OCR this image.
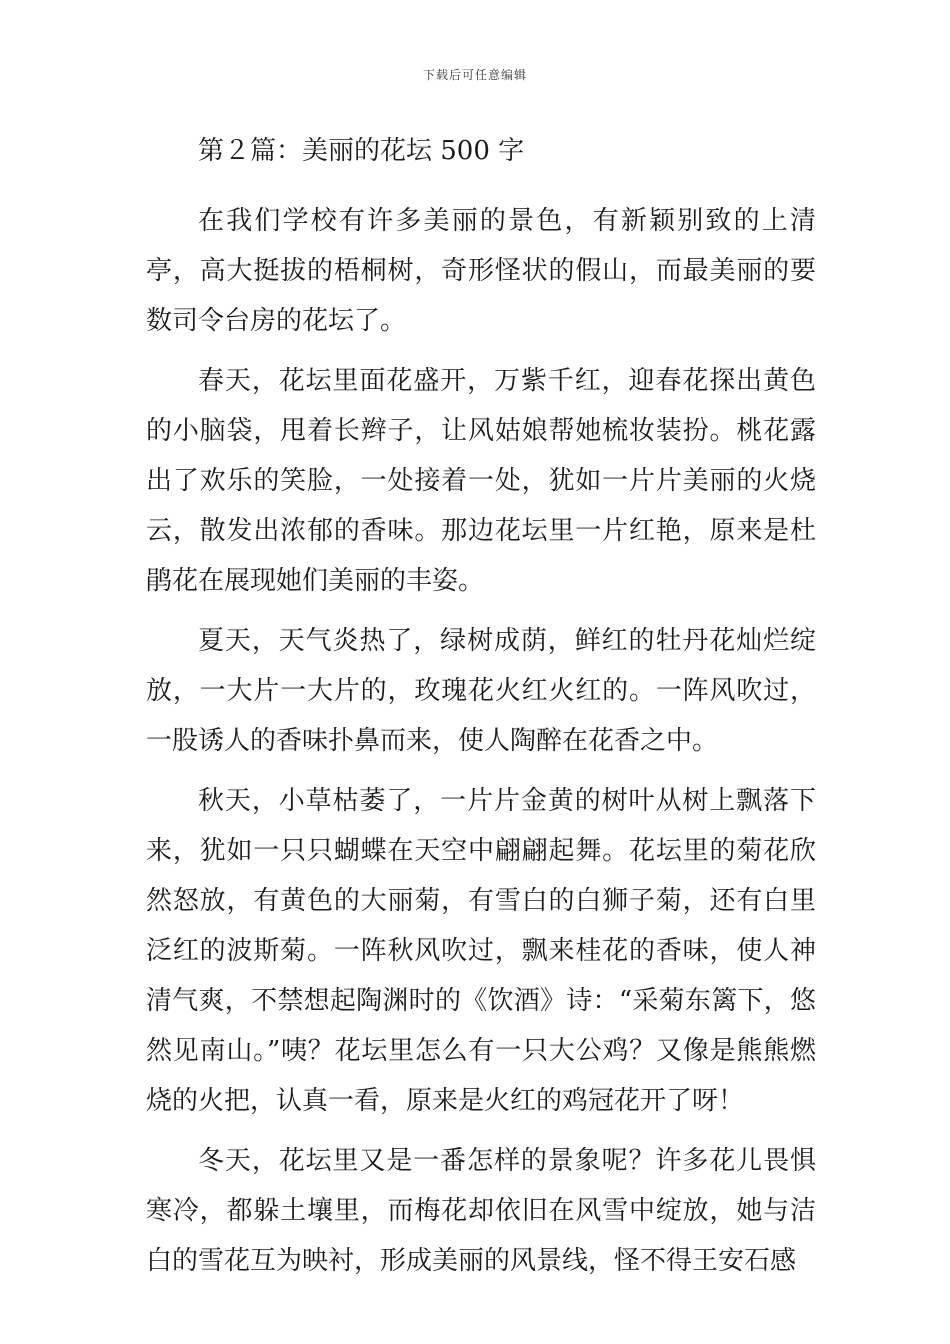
下载后可任意编辑
第２篇：美丽的花坛 500 字

在我们学校有许多美丽的景色，有新颖别致的上清亭，高大挺拔的梧桐树，奇形怪状的假山，而最美丽的要数司令台房的花坛了。

春天，花坛里面花盛开，万紫千红，迎春花探出黄色的小脑袋，甩着长辫子，让风姑娘帮她梳妆装扮。桃花露出了欢乐的笑脸，一处接着一处，犹如一片片美丽的火烧云，散发出浓郁的香味。那边花坛里一片红艳，原来是杜鹃花在展现她们美丽的丰姿。

夏天，天气炎热了，绿树成荫，鲜红的牡丹花灿烂绽放，一大片一大片的，玫瑰花火红火红的。一阵风吹过，一股诱人的香味扑鼻而来，使人陶醉在花香之中。

秋天，小草枯萎了，一片片金黄的树叶从树上飘落下来，犹如一只只蝴蝶在天空中翩翩起舞。花坛里的菊花欣然怒放，有黄色的大丽菊，有雪白的白狮子菊，还有白里泛红的波斯菊。一阵秋风吹过，飘来桂花的香味，使人神清气爽，不禁想起陶渊时的《饮酒》诗：“采菊东篱下，悠然见南山。”咦？花坛里怎么有一只大公鸡？又像是熊熊燃烧的火把，认真一看，原来是火红的鸡冠花开了呀！

冬天，花坛里又是一番怎样的景象呢？许多花儿畏惧寒冷，都躲土壤里，而梅花却依旧在风雪中绽放，她与洁白的雪花互为映衬，形成美丽的风景线，怪不得王安石感
